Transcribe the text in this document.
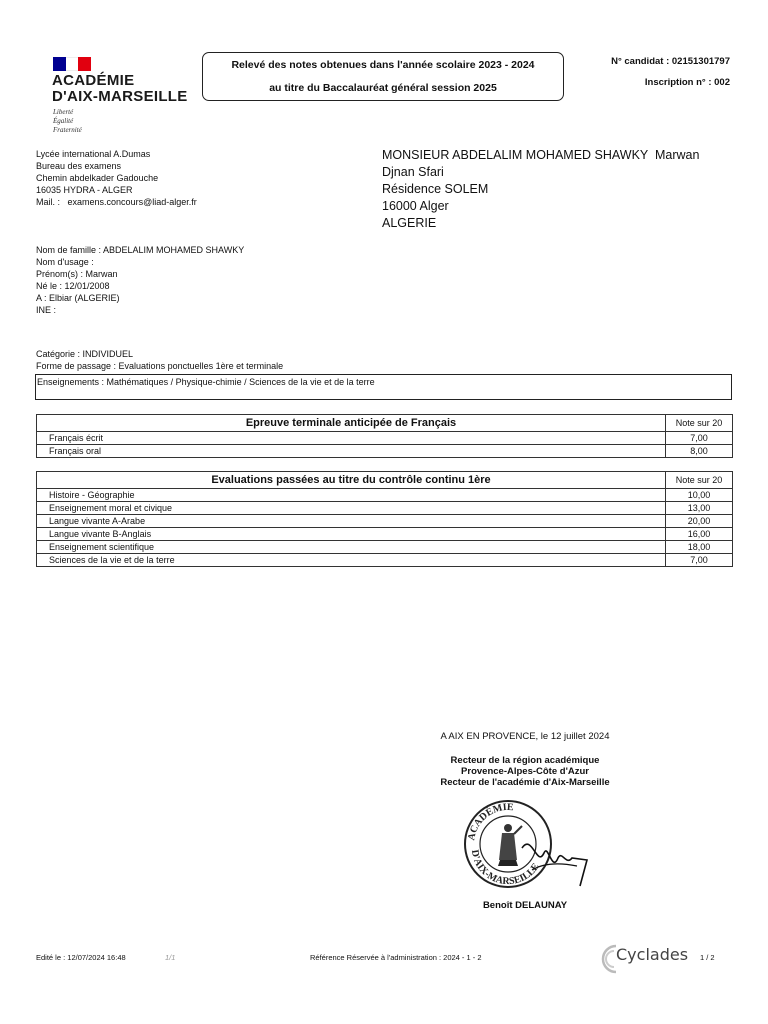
ACADÉMIE
D'AIX-MARSEILLE
Liberté
Égalité
Fraternité
Relevé des notes obtenues dans l'année scolaire 2023 - 2024
au titre du Baccalauréat général session 2025
N° candidat : 02151301797
Inscription n° : 002
Lycée international A.Dumas
Bureau des examens
Chemin abdelkader Gadouche
16035 HYDRA - ALGER
Mail. : examens.concours@liad-alger.fr
MONSIEUR ABDELALIM MOHAMED SHAWKY  Marwan
Djnan Sfari
Résidence SOLEM
16000 Alger
ALGERIE
Nom de famille : ABDELALIM MOHAMED SHAWKY
Nom d'usage :
Prénom(s) : Marwan
Né le : 12/01/2008
A : Elbiar (ALGERIE)
INE :
Catégorie : INDIVIDUEL
Forme de passage : Evaluations ponctuelles 1ère et terminale
Enseignements : Mathématiques / Physique-chimie / Sciences de la vie et de la terre
Epreuve terminale anticipée de Français	Note sur 20
Français écrit	7,00
Français oral	8,00
Evaluations passées au titre du contrôle continu 1ère	Note sur 20
Histoire - Géographie	10,00
Enseignement moral et civique	13,00
Langue vivante A-Arabe	20,00
Langue vivante B-Anglais	16,00
Enseignement scientifique	18,00
Sciences de la vie et de la terre	7,00
A AIX EN PROVENCE, le 12 juillet 2024
Recteur de la région académique
Provence-Alpes-Côte d'Azur
Recteur de l'académie d'Aix-Marseille
ACADÉMIE
D'AIX-MARSEILLE
Benoît DELAUNAY
Edité le : 12/07/2024 16:48	1/1	Référence Réservée à l'administration : 2024 - 1 - 2	Cyclades 1 / 2
